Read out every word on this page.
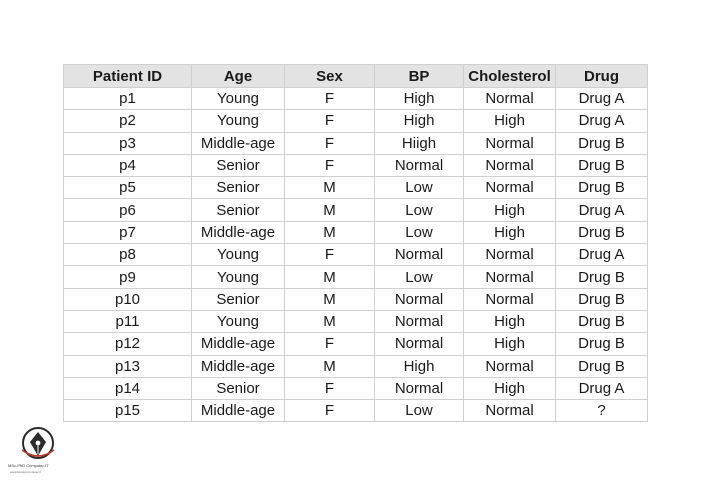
Patient ID	Age	Sex	BP	Cholesterol	Drug
p1	Young	F	High	Normal	Drug A
p2	Young	F	High	High	Drug A
p3	Middle-age	F	Hiigh	Normal	Drug B
p4	Senior	F	Normal	Normal	Drug B
p5	Senior	M	Low	Normal	Drug B
p6	Senior	M	Low	High	Drug A
p7	Middle-age	M	Low	High	Drug B
p8	Young	F	Normal	Normal	Drug A
p9	Young	M	Low	Normal	Drug B
p10	Senior	M	Normal	Normal	Drug B
p11	Young	M	Normal	High	Drug B
p12	Middle-age	F	Normal	High	Drug B
p13	Middle-age	M	High	Normal	Drug B
p14	Senior	F	Normal	High	Drug A
p15	Middle-age	F	Low	Normal	?
MSc-PhD Computer-IT
www.konkurcomputer.ir
